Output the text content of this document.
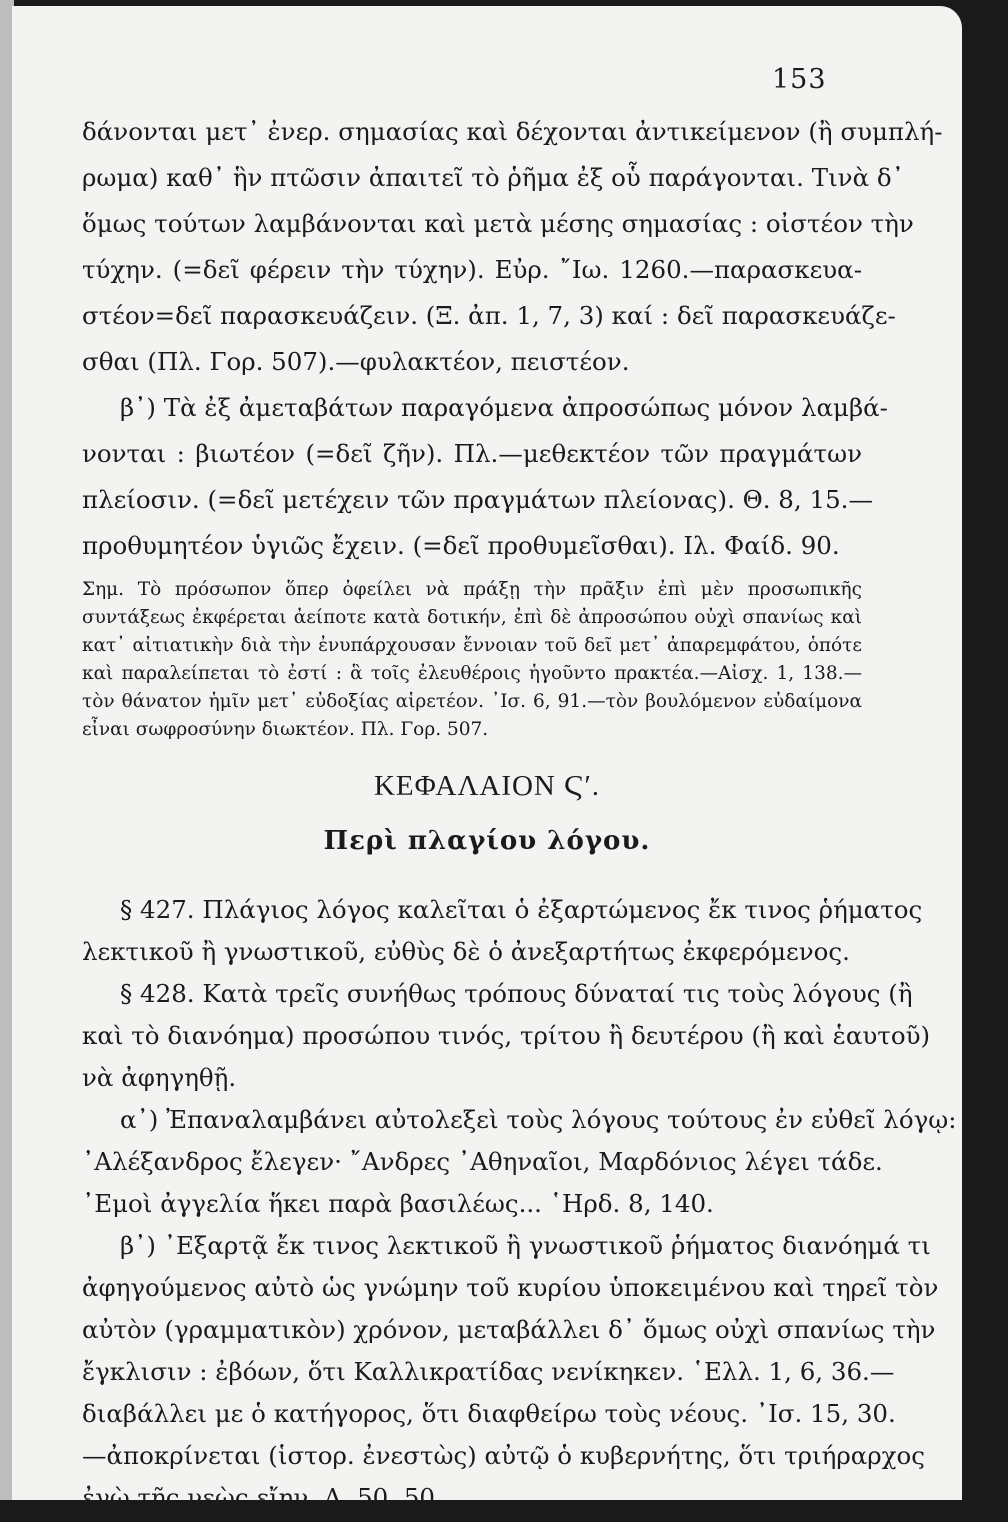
153
δάνονται μετ᾽ ἐνερ. σημασίας καὶ δέχονται ἀντικείμενον (ἢ συμπλή-
ρωμα) καθ᾽ ἣν πτῶσιν ἀπαιτεῖ τὸ ῥῆμα ἐξ οὗ παράγονται. Τινὰ δ᾽
ὅμως τούτων λαμβάνονται καὶ μετὰ μέσης σημασίας : οἰστέον τὴν
τύχην. (=δεῖ φέρειν τὴν τύχην). Εὐρ. ῎Ιω. 1260.—παρασκευα-
στέον=δεῖ παρασκευάζειν. (Ξ. ἀπ. 1, 7, 3) καί : δεῖ παρασκευάζε-
σθαι (Πλ. Γορ. 507).—φυλακτέον, πειστέον.
β᾽) Τὰ ἐξ ἀμεταβάτων παραγόμενα ἀπροσώπως μόνον λαμβά-
νονται : βιωτέον (=δεῖ ζῆν). Πλ.—μεθεκτέον τῶν πραγμάτων
πλείοσιν. (=δεῖ μετέχειν τῶν πραγμάτων πλείονας). Θ. 8, 15.—
προθυμητέον ὑγιῶς ἔχειν. (=δεῖ προθυμεῖσθαι). Ιλ. Φαίδ. 90.
Σημ. Τὸ πρόσωπον ὅπερ ὀφείλει νὰ πράξῃ τὴν πρᾶξιν ἐπὶ μὲν προσωπικῆς
συντάξεως ἐκφέρεται ἀείποτε κατὰ δοτικήν, ἐπὶ δὲ ἀπροσώπου οὐχὶ σπανίως καὶ
κατ᾽ αἰτιατικὴν διὰ τὴν ἐνυπάρχουσαν ἔννοιαν τοῦ δεῖ μετ᾽ ἀπαρεμφάτου, ὁπότε
καὶ παραλείπεται τὸ ἐστί : ἃ τοῖς ἐλευθέροις ἡγοῦντο πρακτέα.—Αἰσχ. 1, 138.—
τὸν θάνατον ἡμῖν μετ᾽ εὐδοξίας αἱρετέον. ᾽Ισ. 6, 91.—τὸν βουλόμενον εὐδαίμονα
εἶναι σωφροσύνην διωκτέον. Πλ. Γορ. 507.
ΚΕΦΑΛΑΙΟΝ Ϛ′.
Περὶ πλαγίου λόγου.
§ 427. Πλάγιος λόγος καλεῖται ὁ ἐξαρτώμενος ἔκ τινος ῥήματος
λεκτικοῦ ἢ γνωστικοῦ, εὐθὺς δὲ ὁ ἀνεξαρτήτως ἐκφερόμενος.
§ 428. Κατὰ τρεῖς συνήθως τρόπους δύναταί τις τοὺς λόγους (ἢ
καὶ τὸ διανόημα) προσώπου τινός, τρίτου ἢ δευτέρου (ἢ καὶ ἑαυτοῦ)
νὰ ἀφηγηθῇ.
α᾽) Ἐπαναλαμβάνει αὐτολεξεὶ τοὺς λόγους τούτους ἐν εὐθεῖ λόγῳ:
᾽Αλέξανδρος ἔλεγεν· ῎Ανδρες ᾽Αθηναῖοι, Μαρδόνιος λέγει τάδε.
᾽Εμοὶ ἀγγελία ἥκει παρὰ βασιλέως... ῾Ηρδ. 8, 140.
β᾽) ᾽Εξαρτᾷ ἔκ τινος λεκτικοῦ ἢ γνωστικοῦ ῥήματος διανόημά τι
ἀφηγούμενος αὐτὸ ὡς γνώμην τοῦ κυρίου ὑποκειμένου καὶ τηρεῖ τὸν
αὐτὸν (γραμματικὸν) χρόνον, μεταβάλλει δ᾽ ὅμως οὐχὶ σπανίως τὴν
ἔγκλισιν : ἐβόων, ὅτι Καλλικρατίδας νενίκηκεν. ῾Ελλ. 1, 6, 36.—
διαβάλλει με ὁ κατήγορος, ὅτι διαφθείρω τοὺς νέους. ᾽Ισ. 15, 30.
—ἀποκρίνεται (ἱστορ. ἐνεστὼς) αὐτῷ ὁ κυβερνήτης, ὅτι τριήραρχος
ἐγὼ τῆς νεὼς εἴην. Δ. 50, 50.
